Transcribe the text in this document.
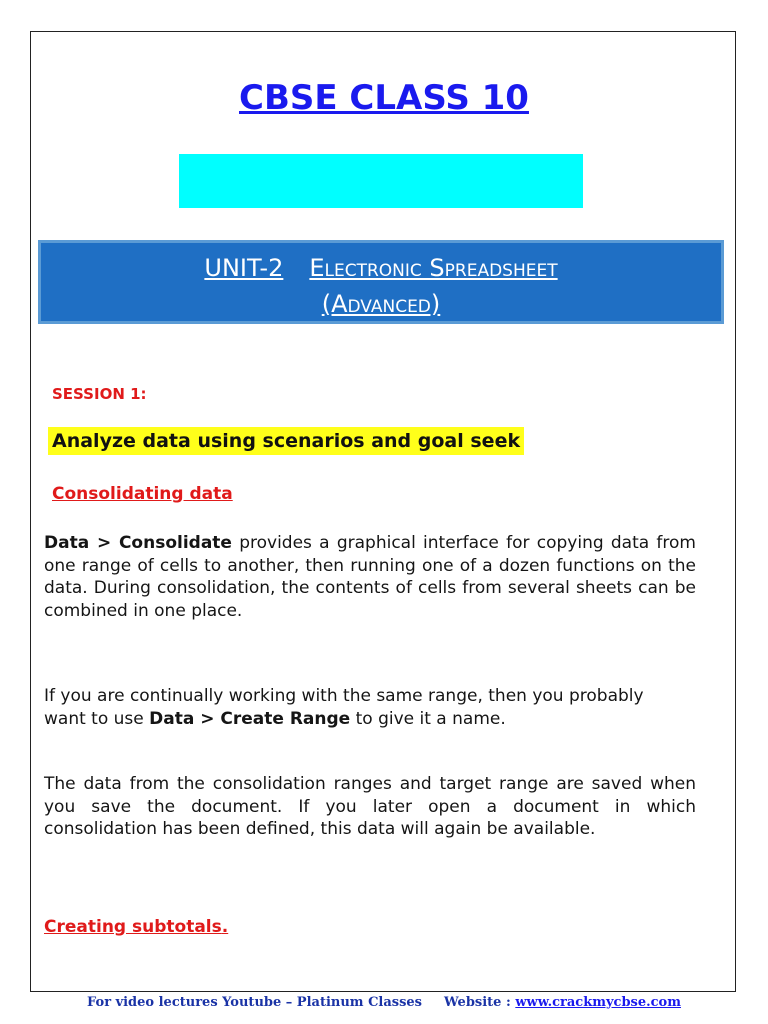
CBSE CLASS 10
UNIT-2 Electronic Spreadsheet
(Advanced)

SESSION 1:

Analyze data using scenarios and goal seek

Consolidating data

Data > Consolidate provides a graphical interface for copying data from one range of cells to another, then running one of a dozen functions on the data. During consolidation, the contents of cells from several sheets can be combined in one place.

If you are continually working with the same range, then you probably want to use Data > Create Range to give it a name.

The data from the consolidation ranges and target range are saved when you save the document. If you later open a document in which consolidation has been defined, this data will again be available.

Creating subtotals.

For video lectures Youtube – Platinum Classes Website : www.crackmycbse.com
